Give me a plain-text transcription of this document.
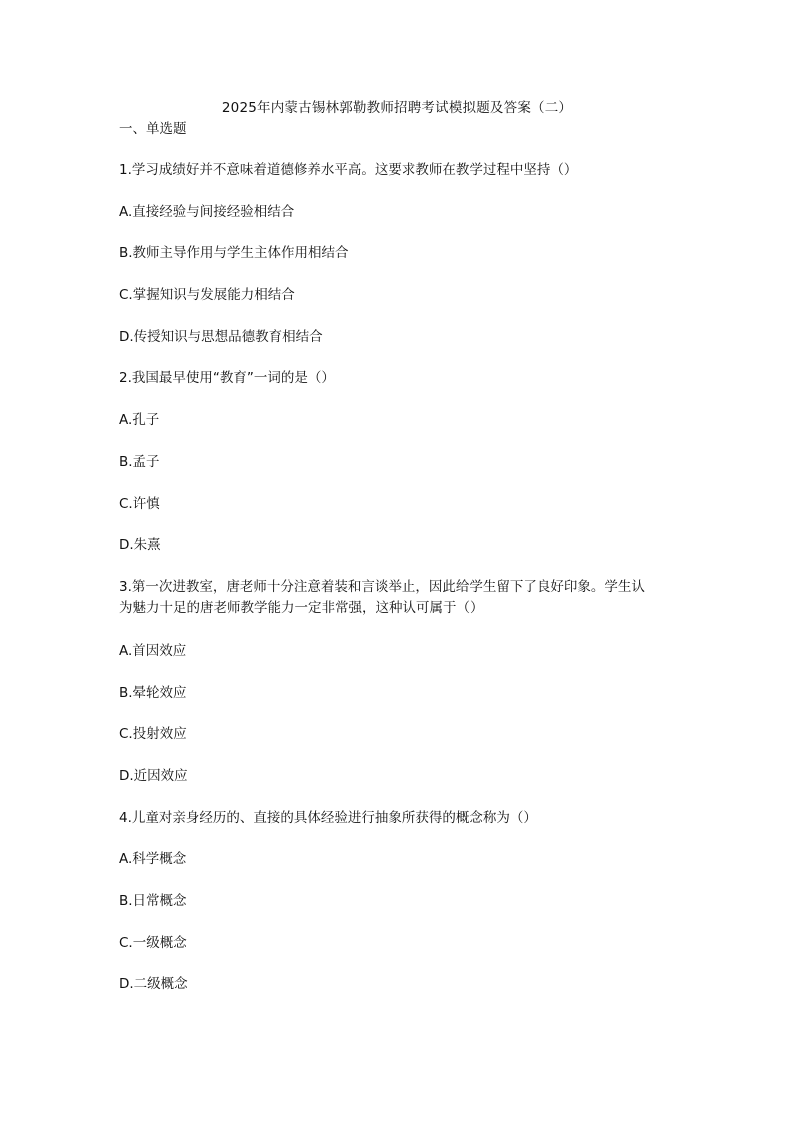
2025年内蒙古锡林郭勒教师招聘考试模拟题及答案（二）
一、单选题
1.学习成绩好并不意味着道德修养水平高。这要求教师在教学过程中坚持（）
A.直接经验与间接经验相结合
B.教师主导作用与学生主体作用相结合
C.掌握知识与发展能力相结合
D.传授知识与思想品德教育相结合
2.我国最早使用“教育”一词的是（）
A.孔子
B.孟子
C.许慎
D.朱熹
3.第一次进教室，唐老师十分注意着装和言谈举止，因此给学生留下了良好印象。学生认
为魅力十足的唐老师教学能力一定非常强，这种认可属于（）
A.首因效应
B.晕轮效应
C.投射效应
D.近因效应
4.儿童对亲身经历的、直接的具体经验进行抽象所获得的概念称为（）
A.科学概念
B.日常概念
C.一级概念
D.二级概念
